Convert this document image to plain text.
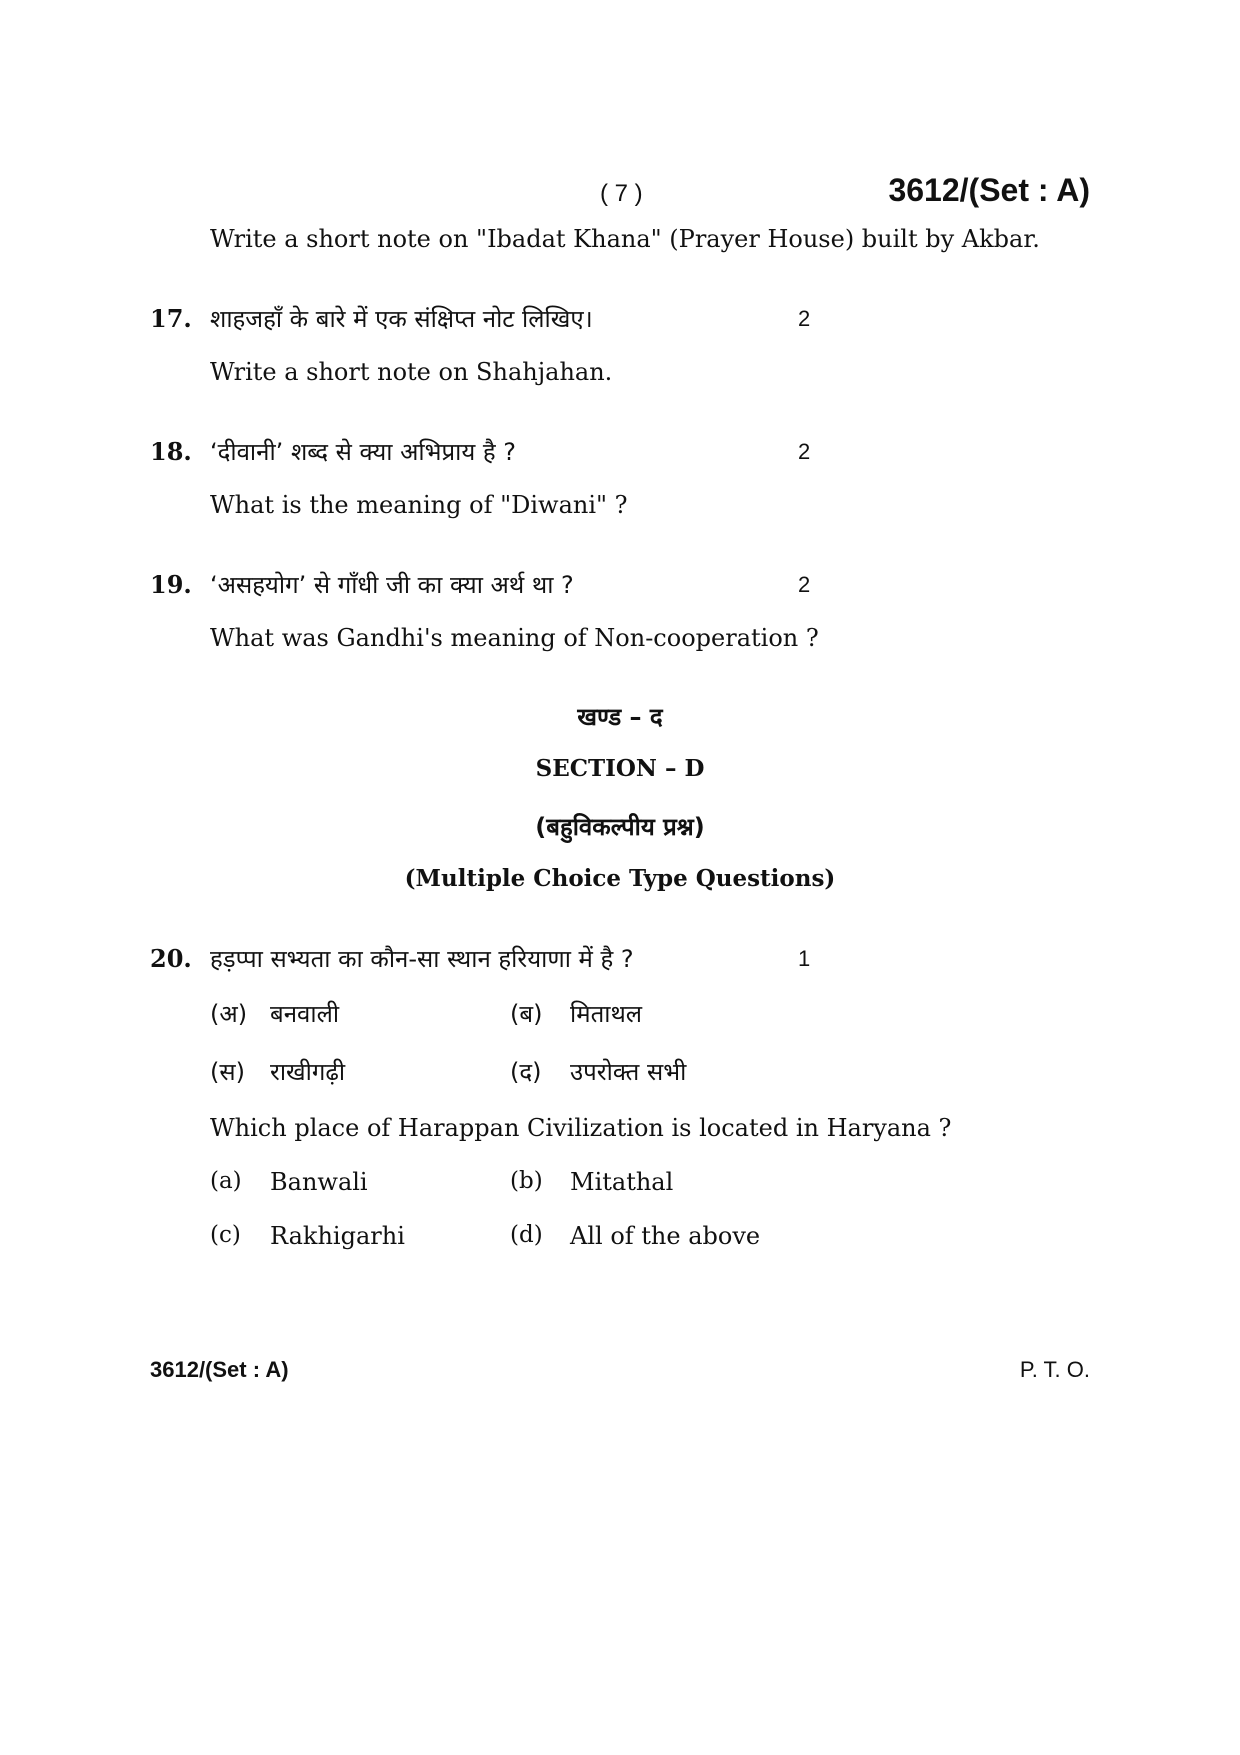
( 7 )	3612/(Set : A)
Write a short note on "Ibadat Khana" (Prayer House) built by Akbar.
17. शाहजहाँ के बारे में एक संक्षिप्त नोट लिखिए।	2
Write a short note on Shahjahan.
18. ‘दीवानी’ शब्द से क्या अभिप्राय है ?	2
What is the meaning of "Diwani" ?
19. ‘असहयोग’ से गाँधी जी का क्या अर्थ था ?	2
What was Gandhi's meaning of Non-cooperation ?
खण्ड – द
SECTION – D
(बहुविकल्पीय प्रश्न)
(Multiple Choice Type Questions)
20. हड़प्पा सभ्यता का कौन-सा स्थान हरियाणा में है ?	1
(अ) बनवाली	(ब) मिताथल
(स) राखीगढ़ी	(द) उपरोक्त सभी
Which place of Harappan Civilization is located in Haryana ?
(a) Banwali	(b) Mitathal
(c) Rakhigarhi	(d) All of the above
3612/(Set : A)	P. T. O.
